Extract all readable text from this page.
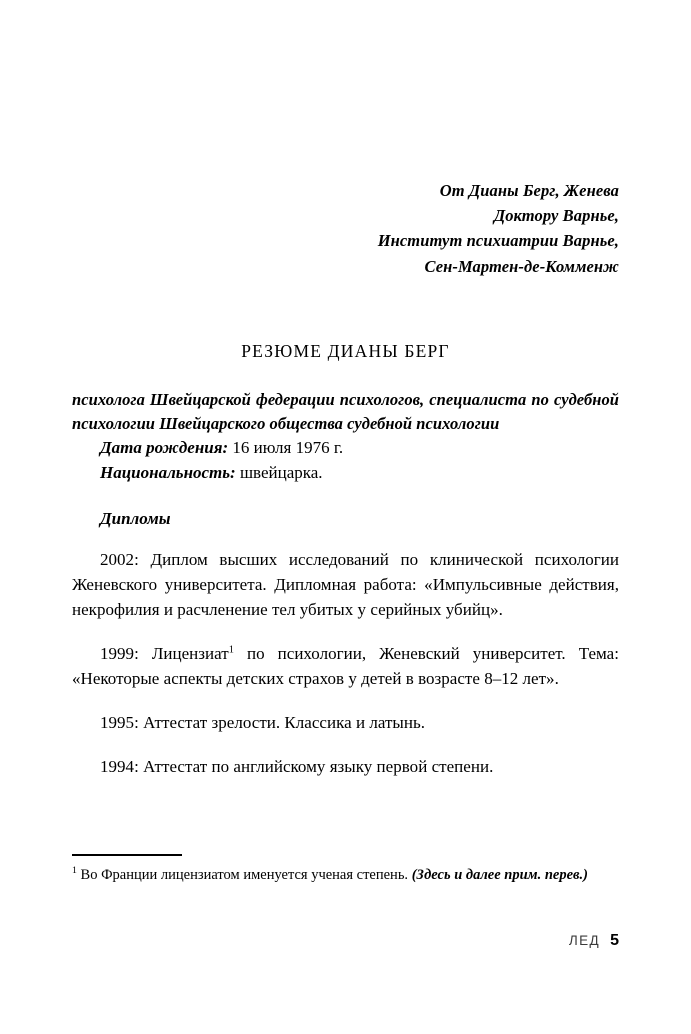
От Дианы Берг, Женева
Доктору Варнье,
Институт психиатрии Варнье,
Сен-Мартен-де-Комменж
РЕЗЮМЕ ДИАНЫ БЕРГ
психолога Швейцарской федерации психологов, специалиста по судебной психологии Швейцарского общества судебной психологии
Дата рождения: 16 июля 1976 г.
Национальность: швейцарка.
Дипломы
2002: Диплом высших исследований по клинической психологии Женевского университета. Дипломная работа: «Импульсивные действия, некрофилия и расчленение тел убитых у серийных убийц».
1999: Лицензиат$^1$ по психологии, Женевский университет. Тема: «Некоторые аспекты детских страхов у детей в возрасте 8–12 лет».
1995: Аттестат зрелости. Классика и латынь.
1994: Аттестат по английскому языку первой степени.
$^1$ Во Франции лицензиатом именуется ученая степень. (Здесь и далее прим. перев.)
ЛЕД 5
